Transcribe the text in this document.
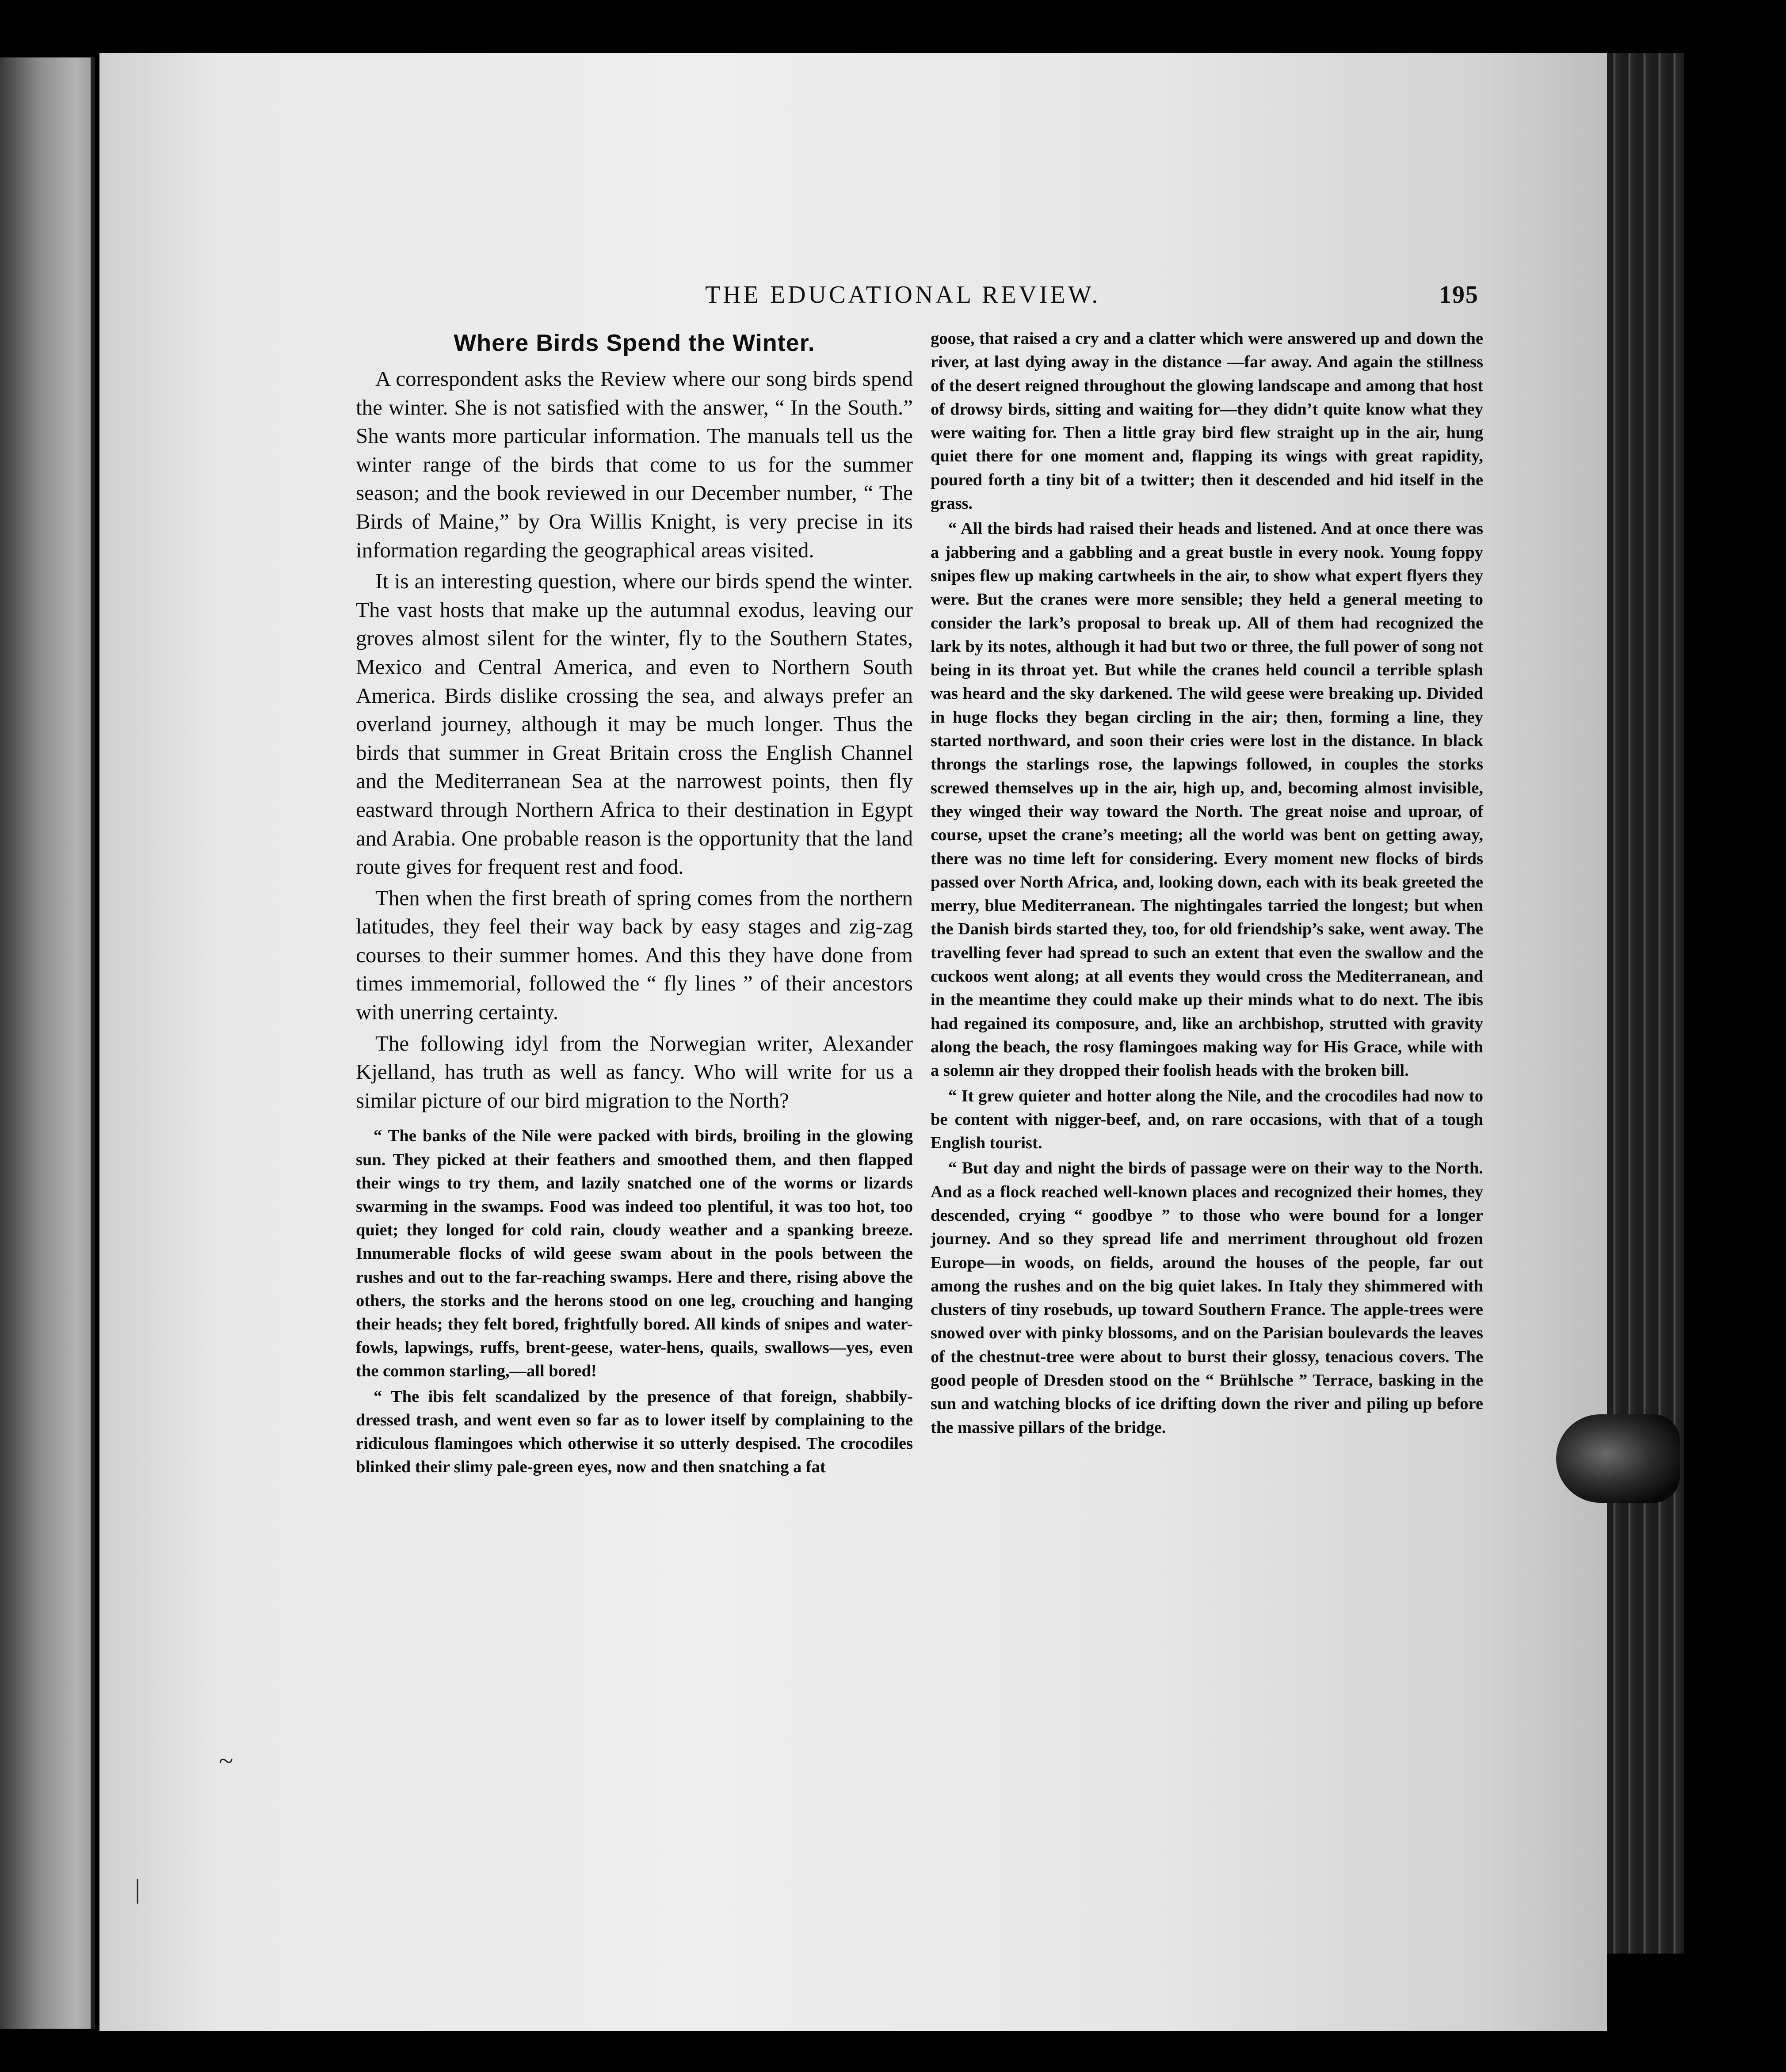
THE EDUCATIONAL REVIEW.	195
Where Birds Spend the Winter.

A correspondent asks the Review where our song birds spend the winter. She is not satisfied with the answer, “ In the South.” She wants more particular information. The manuals tell us the winter range of the birds that come to us for the summer season; and the book reviewed in our December number, “ The Birds of Maine,” by Ora Willis Knight, is very precise in its information regarding the geographical areas visited.

It is an interesting question, where our birds spend the winter. The vast hosts that make up the autumnal exodus, leaving our groves almost silent for the winter, fly to the Southern States, Mexico and Central America, and even to Northern South America. Birds dislike crossing the sea, and always prefer an overland journey, although it may be much longer. Thus the birds that summer in Great Britain cross the English Channel and the Mediterranean Sea at the narrowest points, then fly eastward through Northern Africa to their destination in Egypt and Arabia. One probable reason is the opportunity that the land route gives for frequent rest and food.

Then when the first breath of spring comes from the northern latitudes, they feel their way back by easy stages and zig-zag courses to their summer homes. And this they have done from times immemorial, followed the “ fly lines ” of their ancestors with unerring certainty.

The following idyl from the Norwegian writer, Alexander Kjelland, has truth as well as fancy. Who will write for us a similar picture of our bird migration to the North?

“ The banks of the Nile were packed with birds, broiling in the glowing sun. They picked at their feathers and smoothed them, and then flapped their wings to try them, and lazily snatched one of the worms or lizards swarming in the swamps. Food was indeed too plentiful, it was too hot, too quiet; they longed for cold rain, cloudy weather and a spanking breeze. Innumerable flocks of wild geese swam about in the pools between the rushes and out to the far-reaching swamps. Here and there, rising above the others, the storks and the herons stood on one leg, crouching and hanging their heads; they felt bored, frightfully bored. All kinds of snipes and water-fowls, lapwings, ruffs, brent-geese, water-hens, quails, swallows—yes, even the common starling,—all bored!

“ The ibis felt scandalized by the presence of that foreign, shabbily-dressed trash, and went even so far as to lower itself by complaining to the ridiculous flamingoes which otherwise it so utterly despised. The crocodiles blinked their slimy pale-green eyes, now and then snatching a fat

goose, that raised a cry and a clatter which were answered up and down the river, at last dying away in the distance —far away. And again the stillness of the desert reigned throughout the glowing landscape and among that host of drowsy birds, sitting and waiting for—they didn’t quite know what they were waiting for. Then a little gray bird flew straight up in the air, hung quiet there for one moment and, flapping its wings with great rapidity, poured forth a tiny bit of a twitter; then it descended and hid itself in the grass.

“ All the birds had raised their heads and listened. And at once there was a jabbering and a gabbling and a great bustle in every nook. Young foppy snipes flew up making cartwheels in the air, to show what expert flyers they were. But the cranes were more sensible; they held a general meeting to consider the lark’s proposal to break up. All of them had recognized the lark by its notes, although it had but two or three, the full power of song not being in its throat yet. But while the cranes held council a terrible splash was heard and the sky darkened. The wild geese were breaking up. Divided in huge flocks they began circling in the air; then, forming a line, they started northward, and soon their cries were lost in the distance. In black throngs the starlings rose, the lapwings followed, in couples the storks screwed themselves up in the air, high up, and, becoming almost invisible, they winged their way toward the North. The great noise and uproar, of course, upset the crane’s meeting; all the world was bent on getting away, there was no time left for considering. Every moment new flocks of birds passed over North Africa, and, looking down, each with its beak greeted the merry, blue Mediterranean. The nightingales tarried the longest; but when the Danish birds started they, too, for old friendship’s sake, went away. The travelling fever had spread to such an extent that even the swallow and the cuckoos went along; at all events they would cross the Mediterranean, and in the meantime they could make up their minds what to do next. The ibis had regained its composure, and, like an archbishop, strutted with gravity along the beach, the rosy flamingoes making way for His Grace, while with a solemn air they dropped their foolish heads with the broken bill.

“ It grew quieter and hotter along the Nile, and the crocodiles had now to be content with nigger-beef, and, on rare occasions, with that of a tough English tourist.

“ But day and night the birds of passage were on their way to the North. And as a flock reached well-known places and recognized their homes, they descended, crying “ goodbye ” to those who were bound for a longer journey. And so they spread life and merriment throughout old frozen Europe—in woods, on fields, around the houses of the people, far out among the rushes and on the big quiet lakes. In Italy they shimmered with clusters of tiny rosebuds, up toward Southern France. The apple-trees were snowed over with pinky blossoms, and on the Parisian boulevards the leaves of the chestnut-tree were about to burst their glossy, tenacious covers. The good people of Dresden stood on the “ Brühlsche ” Terrace, basking in the sun and watching blocks of ice drifting down the river and piling up before the massive pillars of the bridge.

~
|
